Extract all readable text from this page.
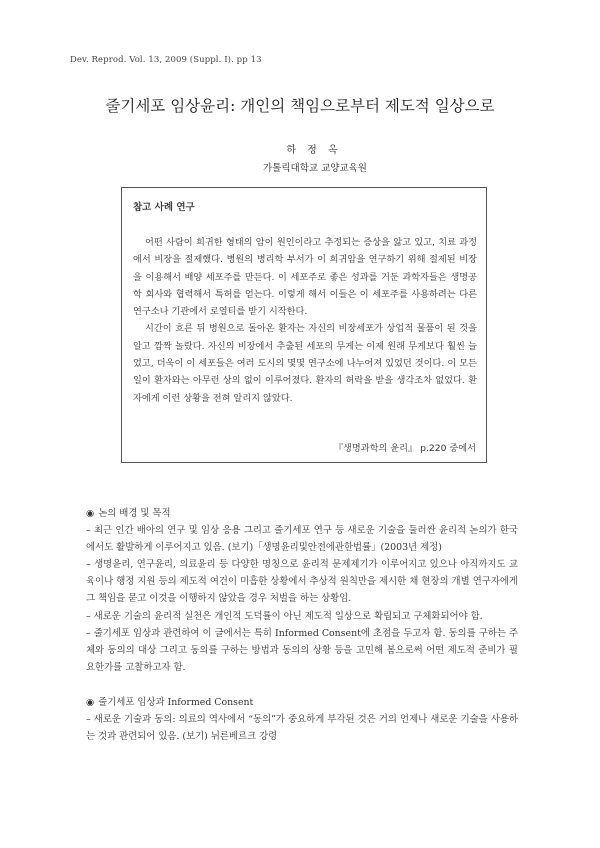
Dev. Reprod. Vol. 13, 2009 (Suppl. I). pp 13
줄기세포 임상윤리: 개인의 책임으로부터 제도적 일상으로
하 정 옥
가톨릭대학교 교양교육원
참고 사례 연구

어떤 사람이 희귀한 형태의 암이 원인이라고 추정되는 증상을 앓고 있고, 치료 과정에서 비장을 절제했다. 병원의 병리학 부서가 이 희귀암을 연구하기 위해 절제된 비장을 이용해서 배양 세포주를 만든다. 이 세포주로 좋은 성과를 거둔 과학자들은 생명공학 회사와 협력해서 특허를 얻는다. 이렇게 해서 이들은 이 세포주를 사용하려는 다른 연구소나 기관에서 로열티를 받기 시작한다.

시간이 흐른 뒤 병원으로 돌아온 환자는 자신의 비장세포가 상업적 물품이 된 것을 알고 깜짝 놀랐다. 자신의 비장에서 추출된 세포의 무게는 이제 원래 무게보다 훨씬 늘었고, 더욱이 이 세포들은 여러 도시의 몇몇 연구소에 나누어져 있었던 것이다. 이 모든 일이 환자와는 아무런 상의 없이 이루어졌다. 환자의 허락을 받을 생각조차 없었다. 환자에게 이런 상황을 전혀 알리지 않았다.

『생명과학의 윤리』 p.220 중에서

◉ 논의 배경 및 목적

– 최근 인간 배아의 연구 및 임상 응용 그리고 줄기세포 연구 등 새로운 기술을 둘러싼 윤리적 논의가 한국에서도 활발하게 이루어지고 있음. (보기)「생명윤리및안전에관한법률」(2003년 제정)

– 생명윤리, 연구윤리, 의료윤리 등 다양한 명칭으로 윤리적 문제제기가 이루어지고 있으나 아직까지도 교육이나 행정 지원 등의 제도적 여건이 미흡한 상황에서 추상적 원칙만을 제시한 채 현장의 개별 연구자에게 그 책임을 묻고 이것을 이행하지 않았을 경우 처벌을 하는 상황임.

– 새로운 기술의 윤리적 실천은 개인적 도덕률이 아닌 제도적 일상으로 확립되고 구체화되어야 함.

– 줄기세포 임상과 관련하여 이 글에서는 특히 Informed Consent에 초점을 두고자 함. 동의를 구하는 주체와 동의의 대상 그리고 동의를 구하는 방법과 동의의 상황 등을 고민해 봄으로써 어떤 제도적 준비가 필요한가를 고찰하고자 함.

◉ 줄기세포 임상과 Informed Consent

– 새로운 기술과 동의: 의료의 역사에서 “동의”가 중요하게 부각된 것은 거의 언제나 새로운 기술을 사용하는 것과 관련되어 있음. (보기) 뉘른베르크 강령
